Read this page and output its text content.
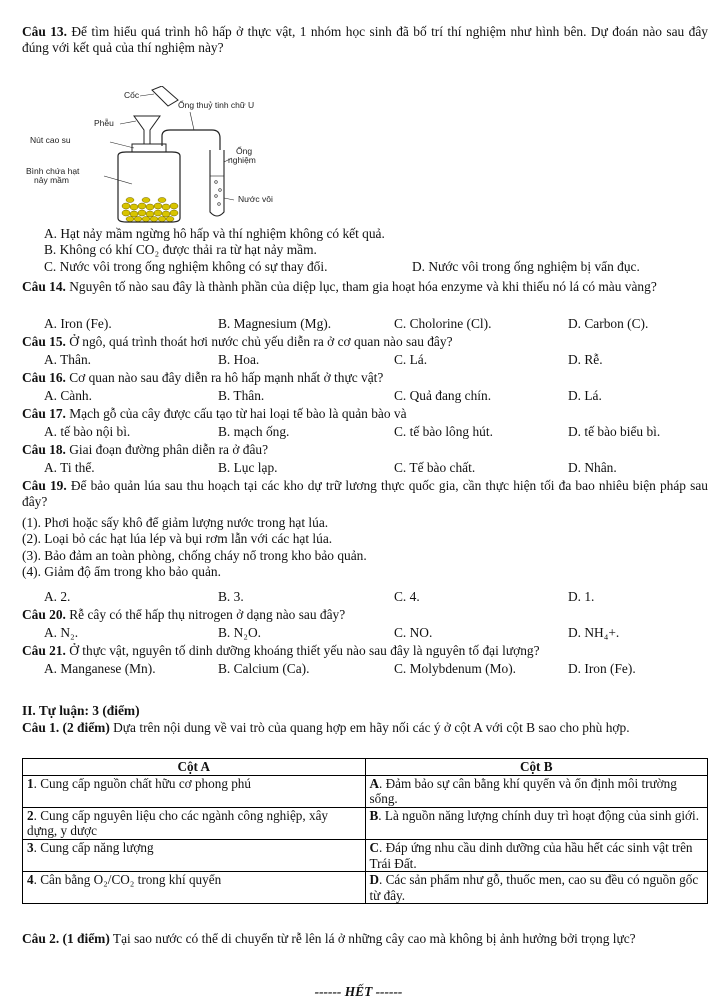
Câu 13. Để tìm hiểu quá trình hô hấp ở thực vật, 1 nhóm học sinh đã bố trí thí nghiệm như hình bên. Dự đoán nào sau đây đúng với kết quả của thí nghiệm này?
Cốc
Phễu
Nút cao su
Bình chứa hạt nảy mầm
Ống thuỷ tinh chữ U
Ống nghiệm
Nước vôi
A. Hạt nảy mầm ngừng hô hấp và thí nghiệm không có kết quả.
B. Không có khí CO₂ được thải ra từ hạt nảy mầm.
C. Nước vôi trong ống nghiệm không có sự thay đổi.	D. Nước vôi trong ống nghiệm bị vẩn đục.
Câu 14. Nguyên tố nào sau đây là thành phần của diệp lục, tham gia hoạt hóa enzyme và khi thiếu nó lá có màu vàng?
A. Iron (Fe).	B. Magnesium (Mg).	C. Cholorine (Cl).	D. Carbon (C).
Câu 15. Ở ngô, quá trình thoát hơi nước chủ yếu diễn ra ở cơ quan nào sau đây?
A. Thân.	B. Hoa.	C. Lá.	D. Rễ.
Câu 16. Cơ quan nào sau đây diễn ra hô hấp mạnh nhất ở thực vật?
A. Cành.	B. Thân.	C. Quả đang chín.	D. Lá.
Câu 17. Mạch gỗ của cây được cấu tạo từ hai loại tế bào là quản bào và
A. tế bào nội bì.	B. mạch ống.	C. tế bào lông hút.	D. tế bào biểu bì.
Câu 18. Giai đoạn đường phân diễn ra ở đâu?
A. Ti thể.	B. Lục lạp.	C. Tế bào chất.	D. Nhân.
Câu 19. Để bảo quản lúa sau thu hoạch tại các kho dự trữ lương thực quốc gia, cần thực hiện tối đa bao nhiêu biện pháp sau đây?
(1). Phơi hoặc sấy khô để giảm lượng nước trong hạt lúa.
(2). Loại bỏ các hạt lúa lép và bụi rơm lẫn với các hạt lúa.
(3). Bảo đảm an toàn phòng, chống cháy nổ trong kho bảo quản.
(4). Giảm độ ẩm trong kho bảo quản.
A. 2.	B. 3.	C. 4.	D. 1.
Câu 20. Rễ cây có thể hấp thụ nitrogen ở dạng nào sau đây?
A. N₂.	B. N₂O.	C. NO.	D. NH₄+.
Câu 21. Ở thực vật, nguyên tố dinh dưỡng khoáng thiết yếu nào sau đây là nguyên tố đại lượng?
A. Manganese (Mn).	B. Calcium (Ca).	C. Molybdenum (Mo).	D. Iron (Fe).
II. Tự luận: 3 (điểm)
Câu 1. (2 điểm) Dựa trên nội dung về vai trò của quang hợp em hãy nối các ý ở cột A với cột B sao cho phù hợp.
Cột A	Cột B
1. Cung cấp nguồn chất hữu cơ phong phú	A. Đảm bảo sự cân bằng khí quyển và ổn định môi trường sống.
2. Cung cấp nguyên liệu cho các ngành công nghiệp, xây dựng, y dược	B. Là nguồn năng lượng chính duy trì hoạt động của sinh giới.
3. Cung cấp năng lượng	C. Đáp ứng nhu cầu dinh dưỡng của hầu hết các sinh vật trên Trái Đất.
4. Cân bằng O₂/CO₂ trong khí quyển	D. Các sản phẩm như gỗ, thuốc men, cao su đều có nguồn gốc từ đây.
Câu 2. (1 điểm) Tại sao nước có thể di chuyển từ rễ lên lá ở những cây cao mà không bị ảnh hưởng bởi trọng lực?
------ HẾT ------
